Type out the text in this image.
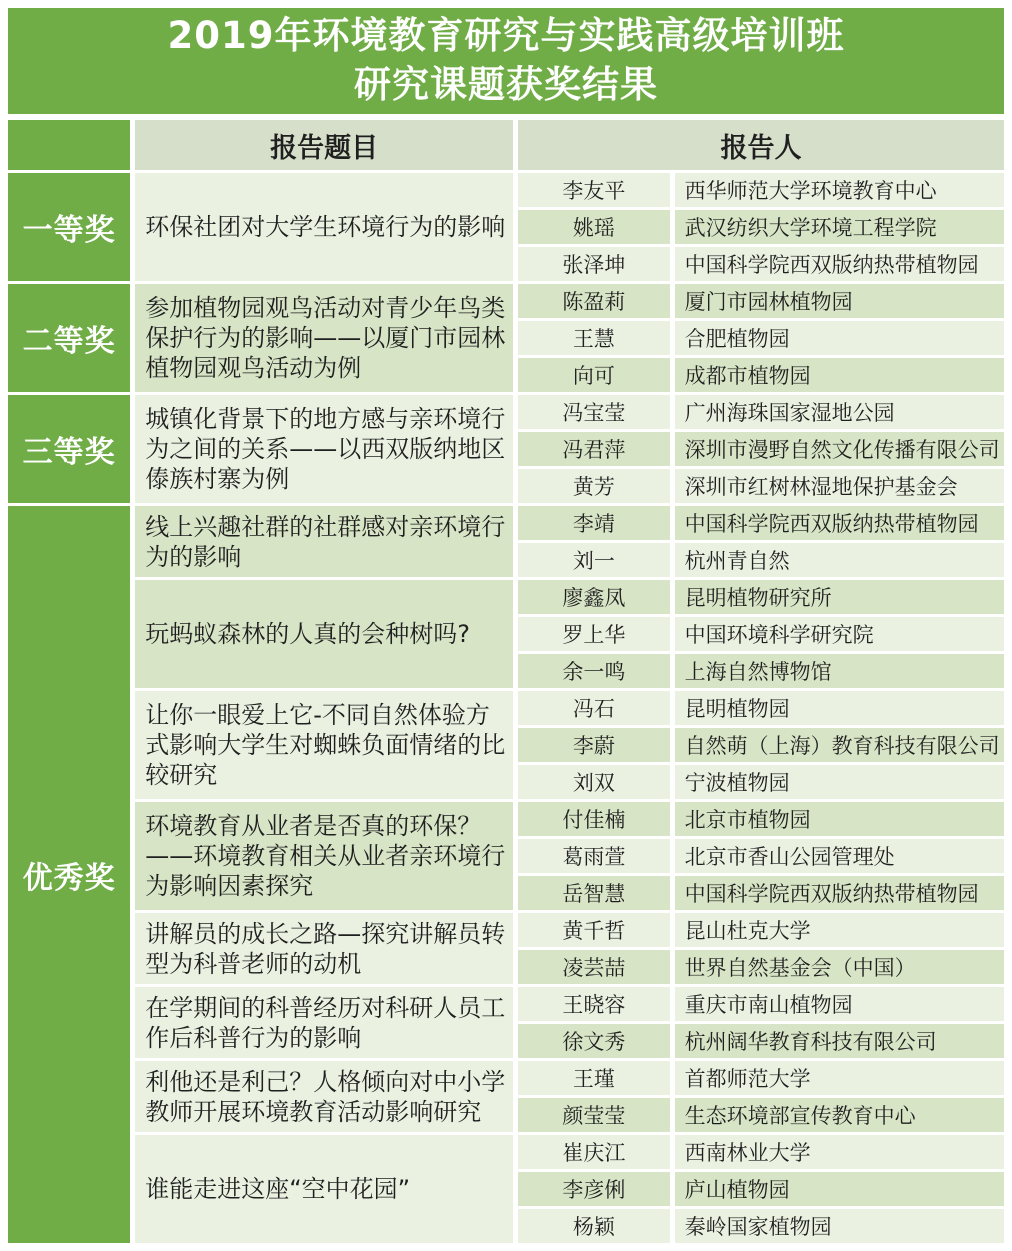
2019年环境教育研究与实践高级培训班
研究课题获奖结果
	报告题目	报告人	
一等奖	环保社团对大学生环境行为的影响	李友平	西华师范大学环境教育中心
		姚瑶	武汉纺织大学环境工程学院
		张泽坤	中国科学院西双版纳热带植物园
二等奖	参加植物园观鸟活动对青少年鸟类保护行为的影响——以厦门市园林植物园观鸟活动为例	陈盈莉	厦门市园林植物园
		王慧	合肥植物园
		向可	成都市植物园
三等奖	城镇化背景下的地方感与亲环境行为之间的关系——以西双版纳地区傣族村寨为例	冯宝莹	广州海珠国家湿地公园
		冯君萍	深圳市漫野自然文化传播有限公司
		黄芳	深圳市红树林湿地保护基金会
优秀奖	线上兴趣社群的社群感对亲环境行为的影响	李靖	中国科学院西双版纳热带植物园
		刘一	杭州青自然
	玩蚂蚁森林的人真的会种树吗?	廖鑫凤	昆明植物研究所
		罗上华	中国环境科学研究院
		余一鸣	上海自然博物馆
	让你一眼爱上它-不同自然体验方式影响大学生对蜘蛛负面情绪的比较研究	冯石	昆明植物园
		李蔚	自然萌（上海）教育科技有限公司
		刘双	宁波植物园
	环境教育从业者是否真的环保？——环境教育相关从业者亲环境行为影响因素探究	付佳楠	北京市植物园
		葛雨萱	北京市香山公园管理处
		岳智慧	中国科学院西双版纳热带植物园
	讲解员的成长之路—探究讲解员转型为科普老师的动机	黄千哲	昆山杜克大学
		凌芸喆	世界自然基金会（中国）
	在学期间的科普经历对科研人员工作后科普行为的影响	王晓容	重庆市南山植物园
		徐文秀	杭州阔华教育科技有限公司
	利他还是利己？人格倾向对中小学教师开展环境教育活动影响研究	王瑾	首都师范大学
		颜莹莹	生态环境部宣传教育中心
	谁能走进这座“空中花园”	崔庆江	西南林业大学
		李彦俐	庐山植物园
		杨颖	秦岭国家植物园
